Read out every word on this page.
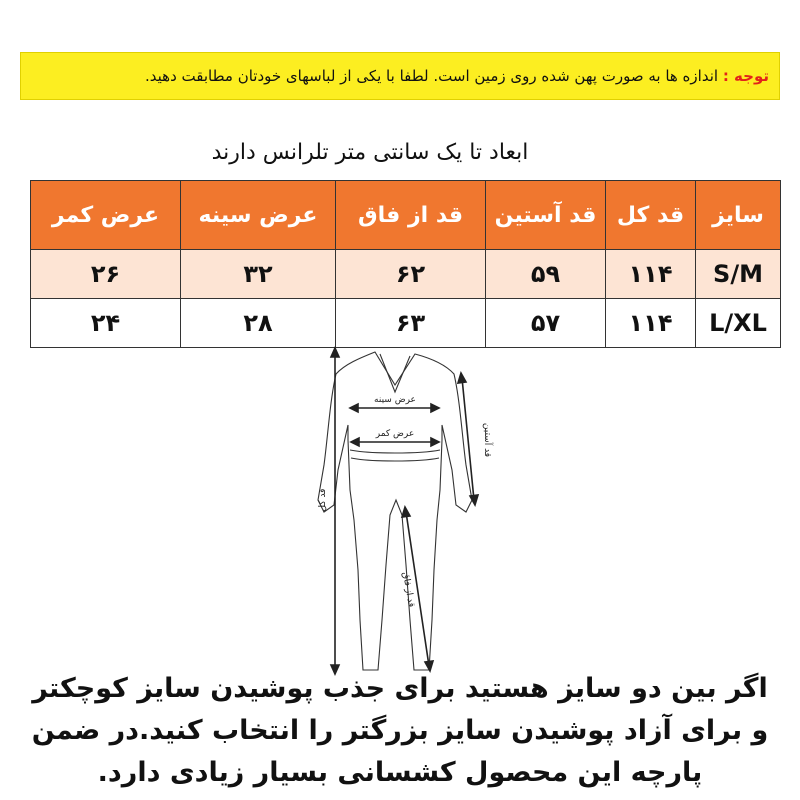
توجه : اندازه ها به صورت پهن شده روی زمین است. لطفا با یکی از لباسهای خودتان مطابقت دهید.
ابعاد تا یک سانتی متر تلرانس دارند
سایز	قد کل	قد آستین	قد از فاق	عرض سینه	عرض کمر
S/M	۱۱۴	۵۹	۶۲	۳۲	۲۶
L/XL	۱۱۴	۵۷	۶۳	۲۸	۲۴
عرض سینه
عرض کمر
قد کل
قد آستین
قد از فاق
اگر بین دو سایز هستید برای جذب پوشیدن سایز کوچکتر
و برای آزاد پوشیدن سایز بزرگتر را انتخاب کنید.در ضمن
پارچه این محصول کشسانی بسیار زیادی دارد.
